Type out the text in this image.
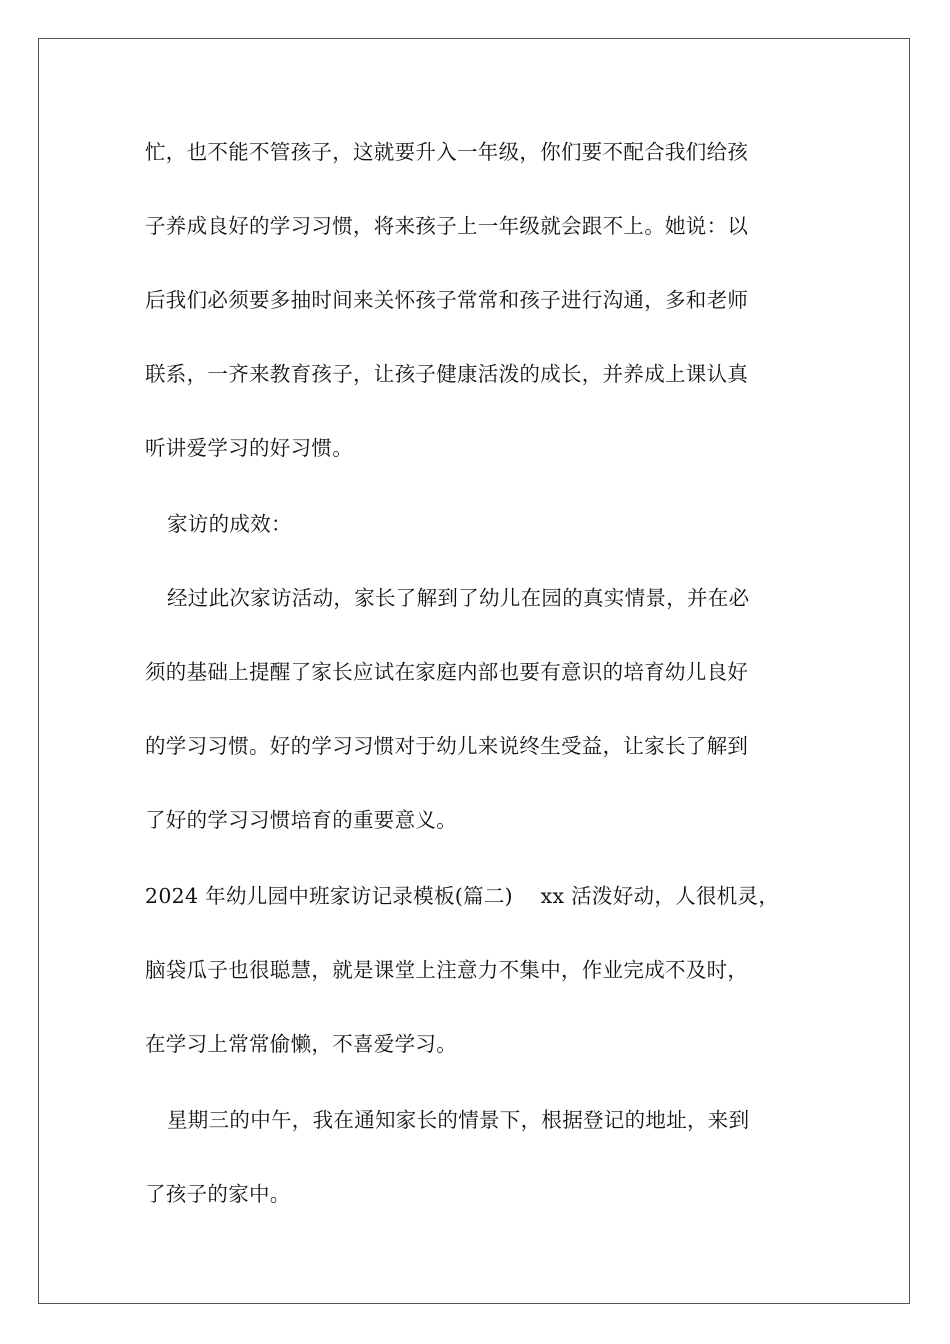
忙，也不能不管孩子，这就要升入一年级，你们要不配合我们给孩
子养成良好的学习习惯，将来孩子上一年级就会跟不上。她说：以
后我们必须要多抽时间来关怀孩子常常和孩子进行沟通，多和老师
联系，一齐来教育孩子，让孩子健康活泼的成长，并养成上课认真
听讲爱学习的好习惯。
家访的成效：
经过此次家访活动，家长了解到了幼儿在园的真实情景，并在必
须的基础上提醒了家长应试在家庭内部也要有意识的培育幼儿良好
的学习习惯。好的学习习惯对于幼儿来说终生受益，让家长了解到
了好的学习习惯培育的重要意义。
2024 年幼儿园中班家访记录模板(篇二)　 xx 活泼好动，人很机灵，
脑袋瓜子也很聪慧，就是课堂上注意力不集中，作业完成不及时，
在学习上常常偷懒，不喜爱学习。
星期三的中午，我在通知家长的情景下，根据登记的地址，来到
了孩子的家中。
